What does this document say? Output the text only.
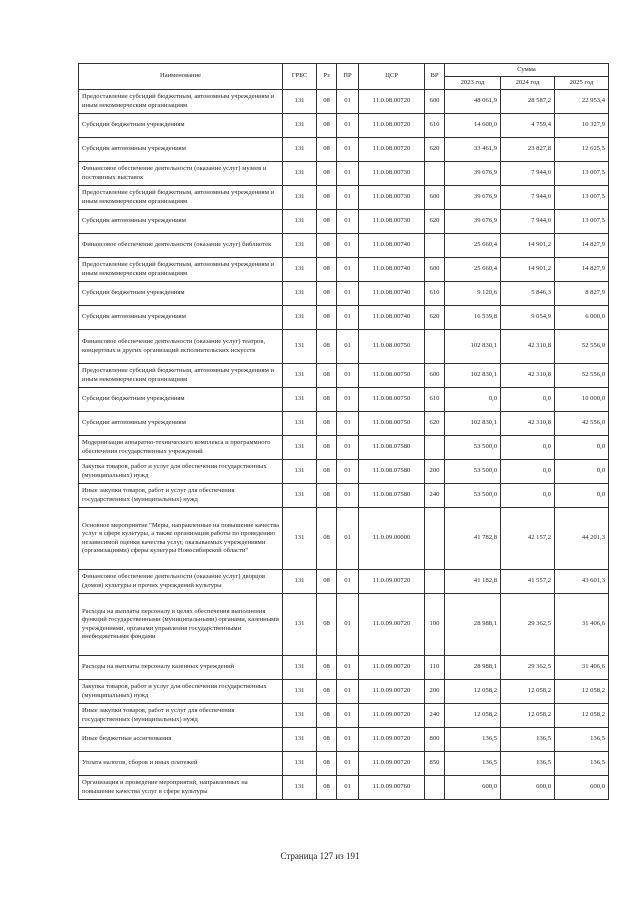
Наименование	ГРБС	Рз	ПР	ЦСР	ВР	Сумма		
						2023 год	2024 год	2025 год
Предоставление субсидий бюджетным, автономным учреждениям и иным некоммерческим организациям	131	08	01	11.0.08.00720	600	48 061,9	28 587,2	22 953,4
Субсидии бюджетным учреждениям	131	08	01	11.0.08.00720	610	14 600,0	4 759,4	10 327,9
Субсидии автономным учреждениям	131	08	01	11.0.08.00720	620	33 461,9	23 827,8	12 625,5
Финансовое обеспечение деятельности (оказание услуг) музеев и постоянных выставок	131	08	01	11.0.08.00730		39 676,9	7 944,0	13 007,5
Предоставление субсидий бюджетным, автономным учреждениям и иным некоммерческим организациям	131	08	01	11.0.08.00730	600	39 676,9	7 944,0	13 007,5
Субсидии автономным учреждениям	131	08	01	11.0.08.00730	620	39 676,9	7 944,0	13 007,5
Финансовое обеспечение деятельности (оказание услуг) библиотек	131	08	01	11.0.08.00740		25 660,4	14 901,2	14 827,9
Предоставление субсидий бюджетным, автономным учреждениям и иным некоммерческим организациям	131	08	01	11.0.08.00740	600	25 660,4	14 901,2	14 827,9
Субсидии бюджетным учреждениям	131	08	01	11.0.08.00740	610	9 120,6	5 846,3	8 827,9
Субсидии автономным учреждениям	131	08	01	11.0.08.00740	620	16 539,8	9 054,9	6 000,0
Финансовое обеспечение деятельности (оказание услуг) театров, концертных и других организаций исполнительских искусств	131	08	01	11.0.08.00750		102 830,1	42 310,8	52 556,0
Предоставление субсидий бюджетным, автономным учреждениям и иным некоммерческим организациям	131	08	01	11.0.08.00750	600	102 830,1	42 310,8	52 556,0
Субсидии бюджетным учреждениям	131	08	01	11.0.08.00750	610	0,0	0,0	10 000,0
Субсидии автономным учреждениям	131	08	01	11.0.08.00750	620	102 830,1	42 310,8	42 556,0
Модернизация аппаратно-технического комплекса и программного обеспечения государственных учреждений	131	08	01	11.0.08.07580		53 500,0	0,0	0,0
Закупка товаров, работ и услуг для обеспечения государственных (муниципальных) нужд	131	08	01	11.0.08.07580	200	53 500,0	0,0	0,0
Иные закупки товаров, работ и услуг для обеспечения государственных (муниципальных) нужд	131	08	01	11.0.08.07580	240	53 500,0	0,0	0,0
Основное мероприятие "Меры, направленные на повышение качества услуг в сфере культуры, а также организация работы по проведению независимой оценки качества услуг, оказываемых учреждениями (организациями) сферы культуры Новосибирской области"	131	08	01	11.0.09.00000		41 782,8	42 157,2	44 201,3
Финансовое обеспечение деятельности (оказание услуг) дворцов (домов) культуры и прочих учреждений культуры	131	08	01	11.0.09.00720		41 182,8	41 557,2	43 601,3
Расходы на выплаты персоналу в целях обеспечения выполнения функций государственными (муниципальными) органами, казенными учреждениями, органами управления государственными внебюджетными фондами	131	08	01	11.0.09.00720	100	28 988,1	29 362,5	31 406,6
Расходы на выплаты персоналу казенных учреждений	131	08	01	11.0.09.00720	110	28 988,1	29 362,5	31 406,6
Закупка товаров, работ и услуг для обеспечения государственных (муниципальных) нужд	131	08	01	11.0.09.00720	200	12 058,2	12 058,2	12 058,2
Иные закупки товаров, работ и услуг для обеспечения государственных (муниципальных) нужд	131	08	01	11.0.09.00720	240	12 058,2	12 058,2	12 058,2
Иные бюджетные ассигнования	131	08	01	11.0.09.00720	800	136,5	136,5	136,5
Уплата налогов, сборов и иных платежей	131	08	01	11.0.09.00720	850	136,5	136,5	136,5
Организация и проведение мероприятий, направленных на повышение качества услуг в сфере культуры	131	08	01	11.0.09.00760		600,0	600,0	600,0
Страница 127 из 191
